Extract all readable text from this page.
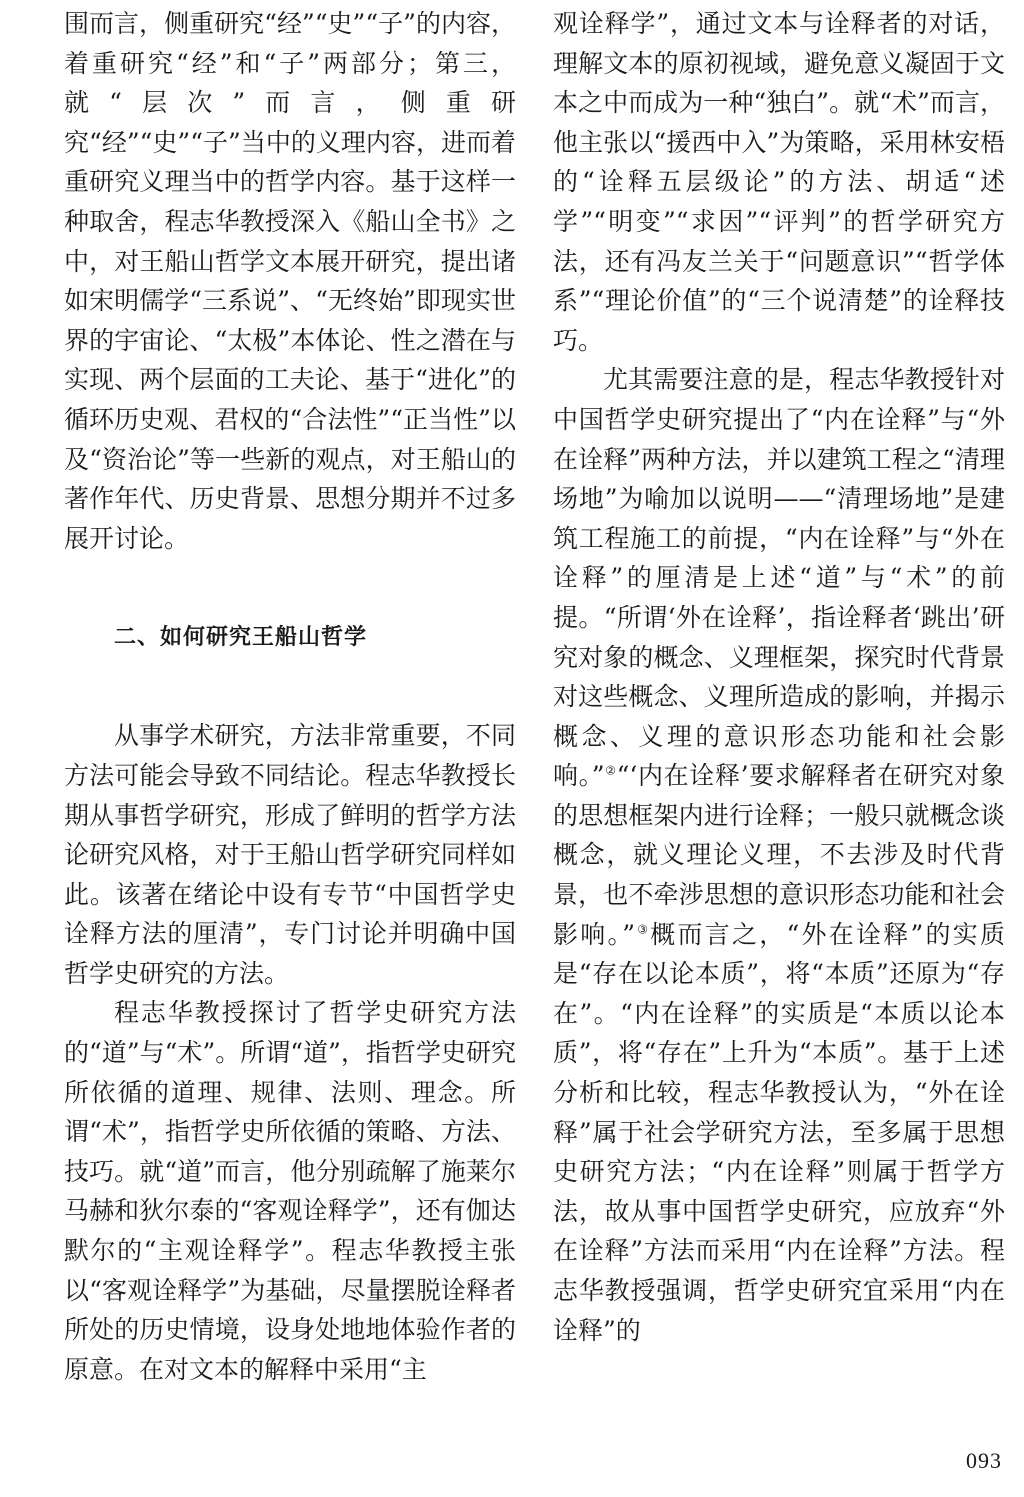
围而言，侧重研究“经”“史”“子”的内容，着重研究“经”和“子”两部分；第三，就“层次”而言，侧重研究“经”“史”“子”当中的义理内容，进而着重研究义理当中的哲学内容。基于这样一种取舍，程志华教授深入《船山全书》之中，对王船山哲学文本展开研究，提出诸如宋明儒学“三系说”、“无终始”即现实世界的宇宙论、“太极”本体论、性之潜在与实现、两个层面的工夫论、基于“进化”的循环历史观、君权的“合法性”“正当性”以及“资治论”等一些新的观点，对王船山的著作年代、历史背景、思想分期并不过多展开讨论。

二、如何研究王船山哲学

从事学术研究，方法非常重要，不同方法可能会导致不同结论。程志华教授长期从事哲学研究，形成了鲜明的哲学方法论研究风格，对于王船山哲学研究同样如此。该著在绪论中设有专节“中国哲学史诠释方法的厘清”，专门讨论并明确中国哲学史研究的方法。

程志华教授探讨了哲学史研究方法的“道”与“术”。所谓“道”，指哲学史研究所依循的道理、规律、法则、理念。所谓“术”，指哲学史所依循的策略、方法、技巧。就“道”而言，他分别疏解了施莱尔马赫和狄尔泰的“客观诠释学”，还有伽达默尔的“主观诠释学”。程志华教授主张以“客观诠释学”为基础，尽量摆脱诠释者所处的历史情境，设身处地地体验作者的原意。在对文本的解释中采用“主

观诠释学”，通过文本与诠释者的对话，理解文本的原初视域，避免意义凝固于文本之中而成为一种“独白”。就“术”而言，他主张以“援西中入”为策略，采用林安梧的“诠释五层级论”的方法、胡适“述学”“明变”“求因”“评判”的哲学研究方法，还有冯友兰关于“问题意识”“哲学体系”“理论价值”的“三个说清楚”的诠释技巧。

尤其需要注意的是，程志华教授针对中国哲学史研究提出了“内在诠释”与“外在诠释”两种方法，并以建筑工程之“清理场地”为喻加以说明——“清理场地”是建筑工程施工的前提，“内在诠释”与“外在诠释”的厘清是上述“道”与“术”的前提。“所谓‘外在诠释’，指诠释者‘跳出’研究对象的概念、义理框架，探究时代背景对这些概念、义理所造成的影响，并揭示概念、义理的意识形态功能和社会影响。”②“‘内在诠释’要求解释者在研究对象的思想框架内进行诠释；一般只就概念谈概念，就义理论义理，不去涉及时代背景，也不牵涉思想的意识形态功能和社会影响。”③概而言之，“外在诠释”的实质是“存在以论本质”，将“本质”还原为“存在”。“内在诠释”的实质是“本质以论本质”，将“存在”上升为“本质”。基于上述分析和比较，程志华教授认为，“外在诠释”属于社会学研究方法，至多属于思想史研究方法；“内在诠释”则属于哲学方法，故从事中国哲学史研究，应放弃“外在诠释”方法而采用“内在诠释”方法。程志华教授强调，哲学史研究宜采用“内在诠释”的

093
